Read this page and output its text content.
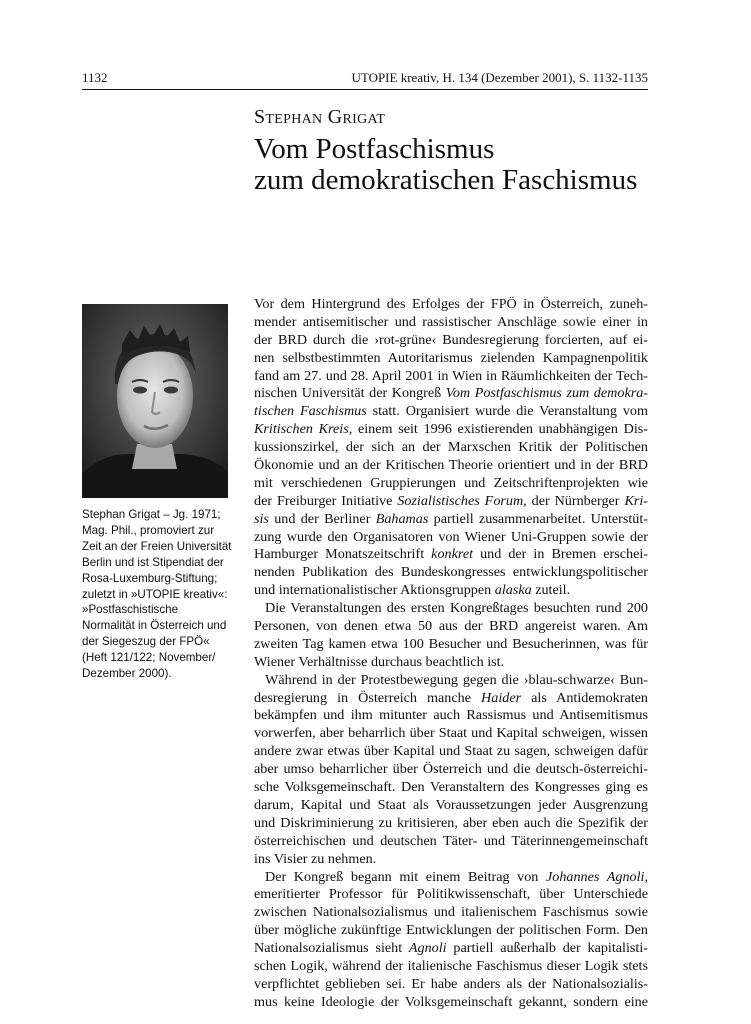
1132	UTOPIE kreativ, H. 134 (Dezember 2001), S. 1132-1135
Stephan Grigat
Vom Postfaschismus
zum demokratischen Faschismus
Stephan Grigat – Jg. 1971;
Mag. Phil., promoviert zur
Zeit an der Freien Universität
Berlin und ist Stipendiat der
Rosa-Luxemburg-Stiftung;
zuletzt in »UTOPIE kreativ«:
»Postfaschistische
Normalität in Österreich und
der Siegeszug der FPÖ«
(Heft 121/122; November/
Dezember 2000).
Vor dem Hintergrund des Erfolges der FPÖ in Österreich, zuneh-
mender antisemitischer und rassistischer Anschläge sowie einer in
der BRD durch die ›rot-grüne‹ Bundesregierung forcierten, auf ei-
nen selbstbestimmten Autoritarismus zielenden Kampagnenpolitik
fand am 27. und 28. April 2001 in Wien in Räumlichkeiten der Tech-
nischen Universität der Kongreß Vom Postfaschismus zum demokra-
tischen Faschismus statt. Organisiert wurde die Veranstaltung vom
Kritischen Kreis, einem seit 1996 existierenden unabhängigen Dis-
kussionszirkel, der sich an der Marxschen Kritik der Politischen
Ökonomie und an der Kritischen Theorie orientiert und in der BRD
mit verschiedenen Gruppierungen und Zeitschriftenprojekten wie
der Freiburger Initiative Sozialistisches Forum, der Nürnberger Kri-
sis und der Berliner Bahamas partiell zusammenarbeitet. Unterstüt-
zung wurde den Organisatoren von Wiener Uni-Gruppen sowie der
Hamburger Monatszeitschrift konkret und der in Bremen erschei-
nenden Publikation des Bundeskongresses entwicklungspolitischer
und internationalistischer Aktionsgruppen alaska zuteil.
Die Veranstaltungen des ersten Kongreßtages besuchten rund 200
Personen, von denen etwa 50 aus der BRD angereist waren. Am
zweiten Tag kamen etwa 100 Besucher und Besucherinnen, was für
Wiener Verhältnisse durchaus beachtlich ist.
Während in der Protestbewegung gegen die ›blau-schwarze‹ Bun-
desregierung in Österreich manche Haider als Antidemokraten
bekämpfen und ihm mitunter auch Rassismus und Antisemitismus
vorwerfen, aber beharrlich über Staat und Kapital schweigen, wissen
andere zwar etwas über Kapital und Staat zu sagen, schweigen dafür
aber umso beharrlicher über Österreich und die deutsch-österreichi-
sche Volksgemeinschaft. Den Veranstaltern des Kongresses ging es
darum, Kapital und Staat als Voraussetzungen jeder Ausgrenzung
und Diskriminierung zu kritisieren, aber eben auch die Spezifik der
österreichischen und deutschen Täter- und Täterinnengemeinschaft
ins Visier zu nehmen.
Der Kongreß begann mit einem Beitrag von Johannes Agnoli,
emeritierter Professor für Politikwissenschaft, über Unterschiede
zwischen Nationalsozialismus und italienischem Faschismus sowie
über mögliche zukünftige Entwicklungen der politischen Form. Den
Nationalsozialismus sieht Agnoli partiell außerhalb der kapitalisti-
schen Logik, während der italienische Faschismus dieser Logik stets
verpflichtet geblieben sei. Er habe anders als der Nationalsozialis-
mus keine Ideologie der Volksgemeinschaft gekannt, sondern eine
